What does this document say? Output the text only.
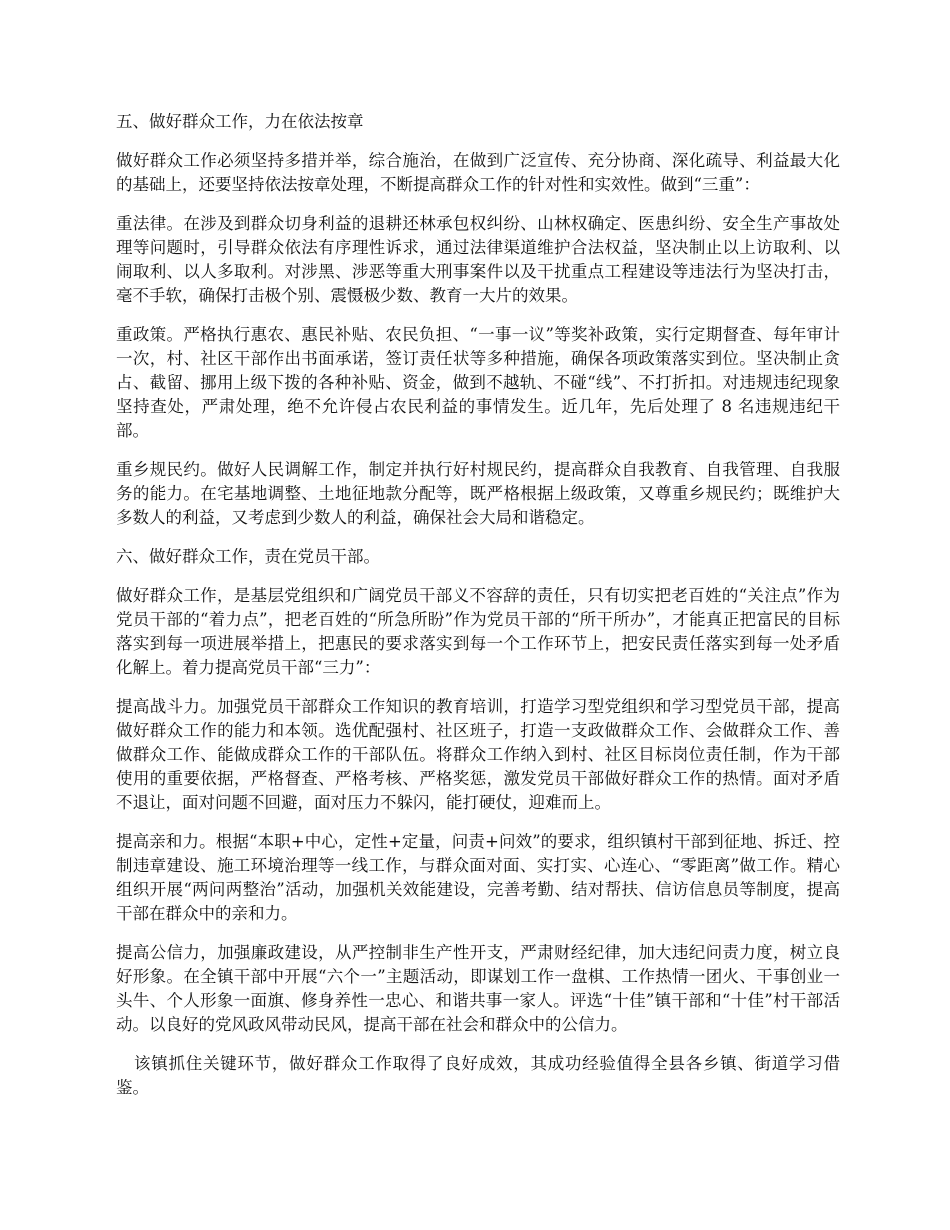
五、做好群众工作，力在依法按章

做好群众工作必须坚持多措并举，综合施治，在做到广泛宣传、充分协商、深化疏导、利益最大化的基础上，还要坚持依法按章处理，不断提高群众工作的针对性和实效性。做到“三重”：

重法律。在涉及到群众切身利益的退耕还林承包权纠纷、山林权确定、医患纠纷、安全生产事故处理等问题时，引导群众依法有序理性诉求，通过法律渠道维护合法权益，坚决制止以上访取利、以闹取利、以人多取利。对涉黑、涉恶等重大刑事案件以及干扰重点工程建设等违法行为坚决打击，毫不手软，确保打击极个别、震慑极少数、教育一大片的效果。

重政策。严格执行惠农、惠民补贴、农民负担、“一事一议”等奖补政策，实行定期督查、每年审计一次，村、社区干部作出书面承诺，签订责任状等多种措施，确保各项政策落实到位。坚决制止贪占、截留、挪用上级下拨的各种补贴、资金，做到不越轨、不碰“线”、不打折扣。对违规违纪现象坚持查处，严肃处理，绝不允许侵占农民利益的事情发生。近几年，先后处理了 8 名违规违纪干部。

重乡规民约。做好人民调解工作，制定并执行好村规民约，提高群众自我教育、自我管理、自我服务的能力。在宅基地调整、土地征地款分配等，既严格根据上级政策，又尊重乡规民约；既维护大多数人的利益，又考虑到少数人的利益，确保社会大局和谐稳定。

六、做好群众工作，责在党员干部。

做好群众工作，是基层党组织和广阔党员干部义不容辞的责任，只有切实把老百姓的“关注点”作为党员干部的“着力点”，把老百姓的“所急所盼”作为党员干部的“所干所办”，才能真正把富民的目标落实到每一项进展举措上，把惠民的要求落实到每一个工作环节上，把安民责任落实到每一处矛盾化解上。着力提高党员干部“三力”：

提高战斗力。加强党员干部群众工作知识的教育培训，打造学习型党组织和学习型党员干部，提高做好群众工作的能力和本领。选优配强村、社区班子，打造一支政做群众工作、会做群众工作、善做群众工作、能做成群众工作的干部队伍。将群众工作纳入到村、社区目标岗位责任制，作为干部使用的重要依据，严格督查、严格考核、严格奖惩，激发党员干部做好群众工作的热情。面对矛盾不退让，面对问题不回避，面对压力不躲闪，能打硬仗，迎难而上。

提高亲和力。根据“本职+中心，定性+定量，问责+问效”的要求，组织镇村干部到征地、拆迁、控制违章建设、施工环境治理等一线工作，与群众面对面、实打实、心连心、“零距离”做工作。精心组织开展“两问两整治”活动，加强机关效能建设，完善考勤、结对帮扶、信访信息员等制度，提高干部在群众中的亲和力。

提高公信力，加强廉政建设，从严控制非生产性开支，严肃财经纪律，加大违纪问责力度，树立良好形象。在全镇干部中开展“六个一”主题活动，即谋划工作一盘棋、工作热情一团火、干事创业一头牛、个人形象一面旗、修身养性一忠心、和谐共事一家人。评选“十佳”镇干部和“十佳”村干部活动。以良好的党风政风带动民风，提高干部在社会和群众中的公信力。

该镇抓住关键环节，做好群众工作取得了良好成效，其成功经验值得全县各乡镇、街道学习借鉴。
